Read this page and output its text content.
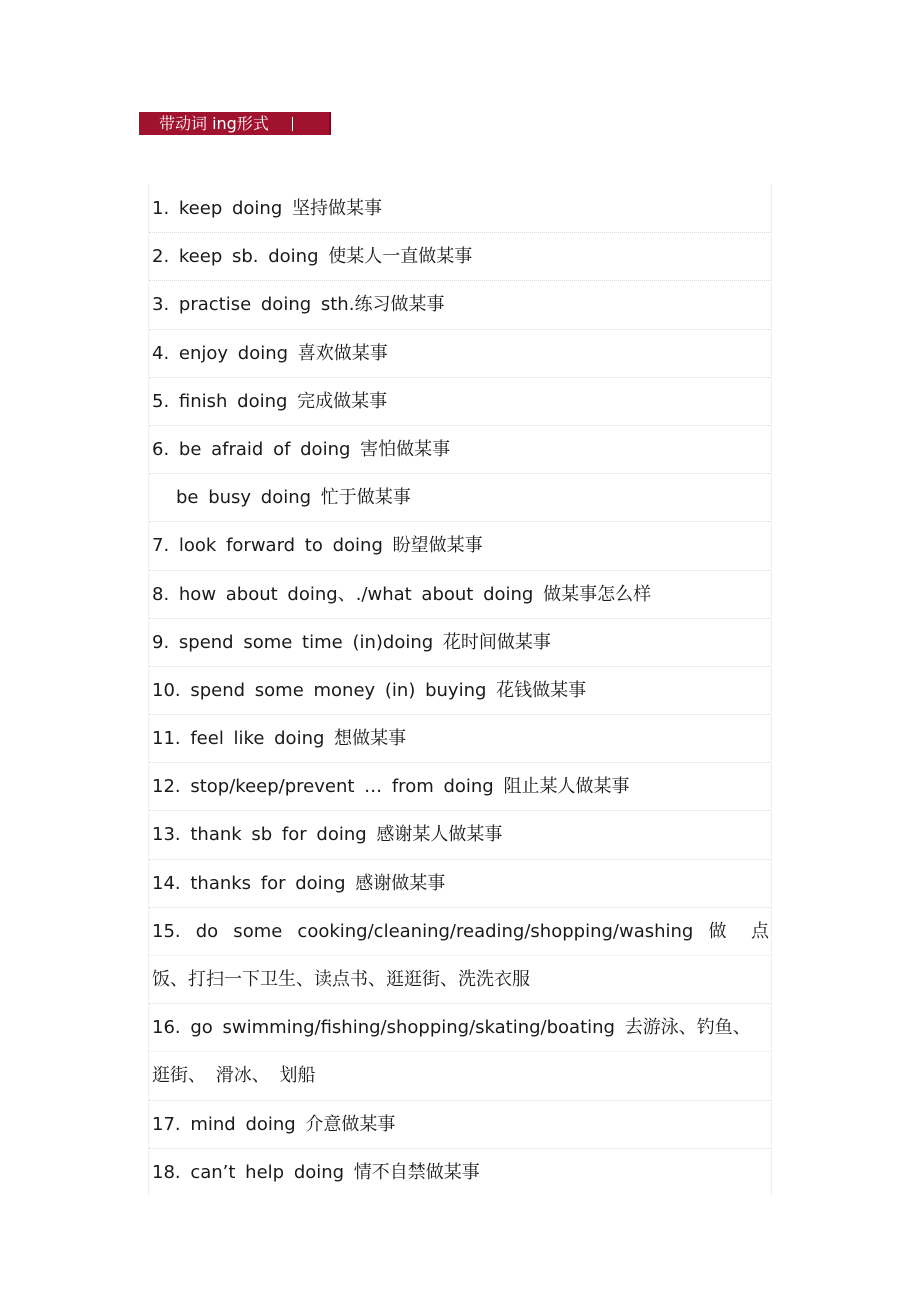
带动词 ing形式
1. keep doing 坚持做某事
2. keep sb. doing 使某人一直做某事
3. practise doing sth.练习做某事
4. enjoy doing 喜欢做某事
5. finish doing 完成做某事
6. be afraid of doing 害怕做某事
be busy doing 忙于做某事
7. look forward to doing 盼望做某事
8. how about doing、./what about doing 做某事怎么样
9. spend some time (in)doing 花时间做某事
10. spend some money (in) buying 花钱做某事
11. feel like doing 想做某事
12. stop/keep/prevent … from doing 阻止某人做某事
13. thank sb for doing 感谢某人做某事
14. thanks for doing 感谢做某事
15. do some cooking/cleaning/reading/shopping/washing 做 点
饭、打扫一下卫生、读点书、逛逛街、洗洗衣服
16. go swimming/fishing/shopping/skating/boating 去游泳、钓鱼、
逛街、 滑冰、 划船
17. mind doing 介意做某事
18. can’t help doing 情不自禁做某事
